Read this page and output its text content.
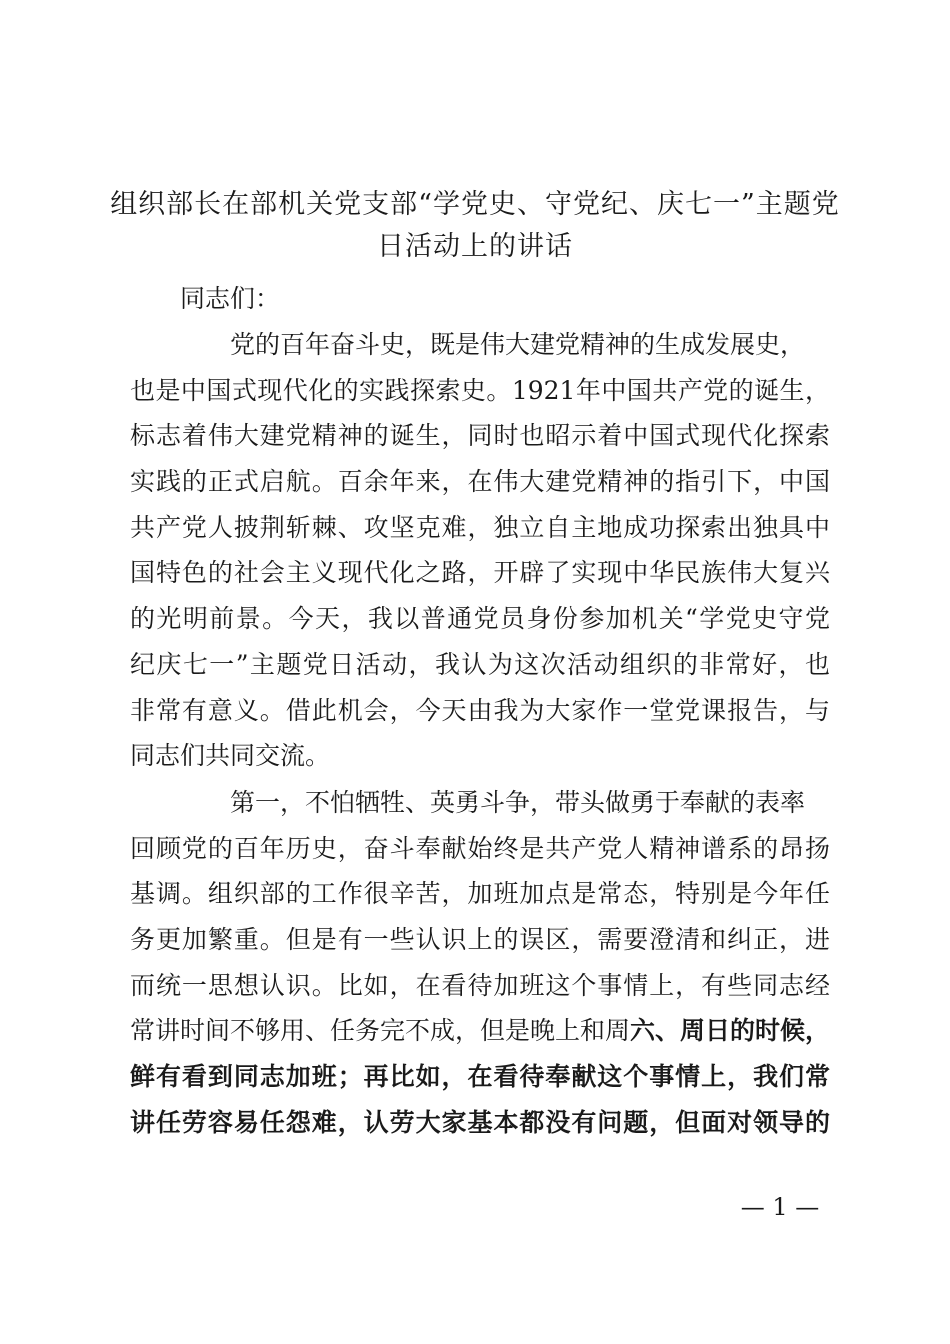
组织部长在部机关党支部“学党史、守党纪、庆七一”主题党
日活动上的讲话
同志们：
党的百年奋斗史，既是伟大建党精神的生成发展史，
也是中国式现代化的实践探索史。1921年中国共产党的诞生，
标志着伟大建党精神的诞生，同时也昭示着中国式现代化探索
实践的正式启航。百余年来，在伟大建党精神的指引下，中国
共产党人披荆斩棘、攻坚克难，独立自主地成功探索出独具中
国特色的社会主义现代化之路，开辟了实现中华民族伟大复兴
的光明前景。今天，我以普通党员身份参加机关“学党史守党
纪庆七一”主题党日活动，我认为这次活动组织的非常好，也
非常有意义。借此机会，今天由我为大家作一堂党课报告，与
同志们共同交流。
第一，不怕牺牲、英勇斗争，带头做勇于奉献的表率
回顾党的百年历史，奋斗奉献始终是共产党人精神谱系的昂扬
基调。组织部的工作很辛苦，加班加点是常态，特别是今年任
务更加繁重。但是有一些认识上的误区，需要澄清和纠正，进
而统一思想认识。比如，在看待加班这个事情上，有些同志经
常讲时间不够用、任务完不成，但是晚上和周六、周日的时候，
鲜有看到同志加班；再比如，在看待奉献这个事情上，我们常
讲任劳容易任怨难，认劳大家基本都没有问题，但面对领导的
— 1 —
